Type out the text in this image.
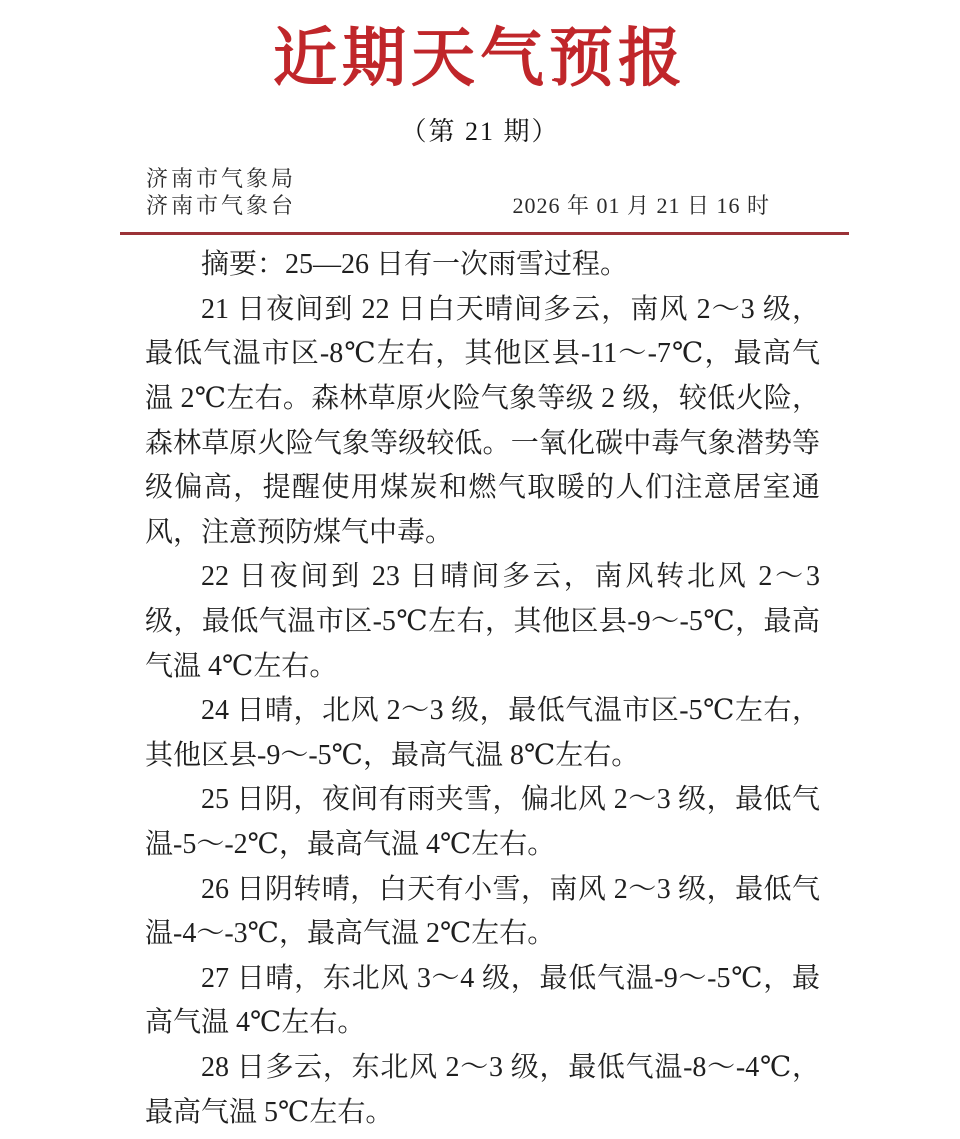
近期天气预报
（第 21 期）
济南市气象局
济南市气象台	2026 年 01 月 21 日 16 时

摘要：25—26 日有一次雨雪过程。

21 日夜间到 22 日白天晴间多云，南风 2～3 级，最低气温市区-8℃左右，其他区县-11～-7℃，最高气温 2℃左右。森林草原火险气象等级 2 级，较低火险，森林草原火险气象等级较低。一氧化碳中毒气象潜势等级偏高，提醒使用煤炭和燃气取暖的人们注意居室通风，注意预防煤气中毒。

22 日夜间到 23 日晴间多云，南风转北风 2～3 级，最低气温市区-5℃左右，其他区县-9～-5℃，最高气温 4℃左右。

24 日晴，北风 2～3 级，最低气温市区-5℃左右，其他区县-9～-5℃，最高气温 8℃左右。

25 日阴，夜间有雨夹雪，偏北风 2～3 级，最低气温-5～-2℃，最高气温 4℃左右。

26 日阴转晴，白天有小雪，南风 2～3 级，最低气温-4～-3℃，最高气温 2℃左右。

27 日晴，东北风 3～4 级，最低气温-9～-5℃，最高气温 4℃左右。

28 日多云，东北风 2～3 级，最低气温-8～-4℃，最高气温 5℃左右。
